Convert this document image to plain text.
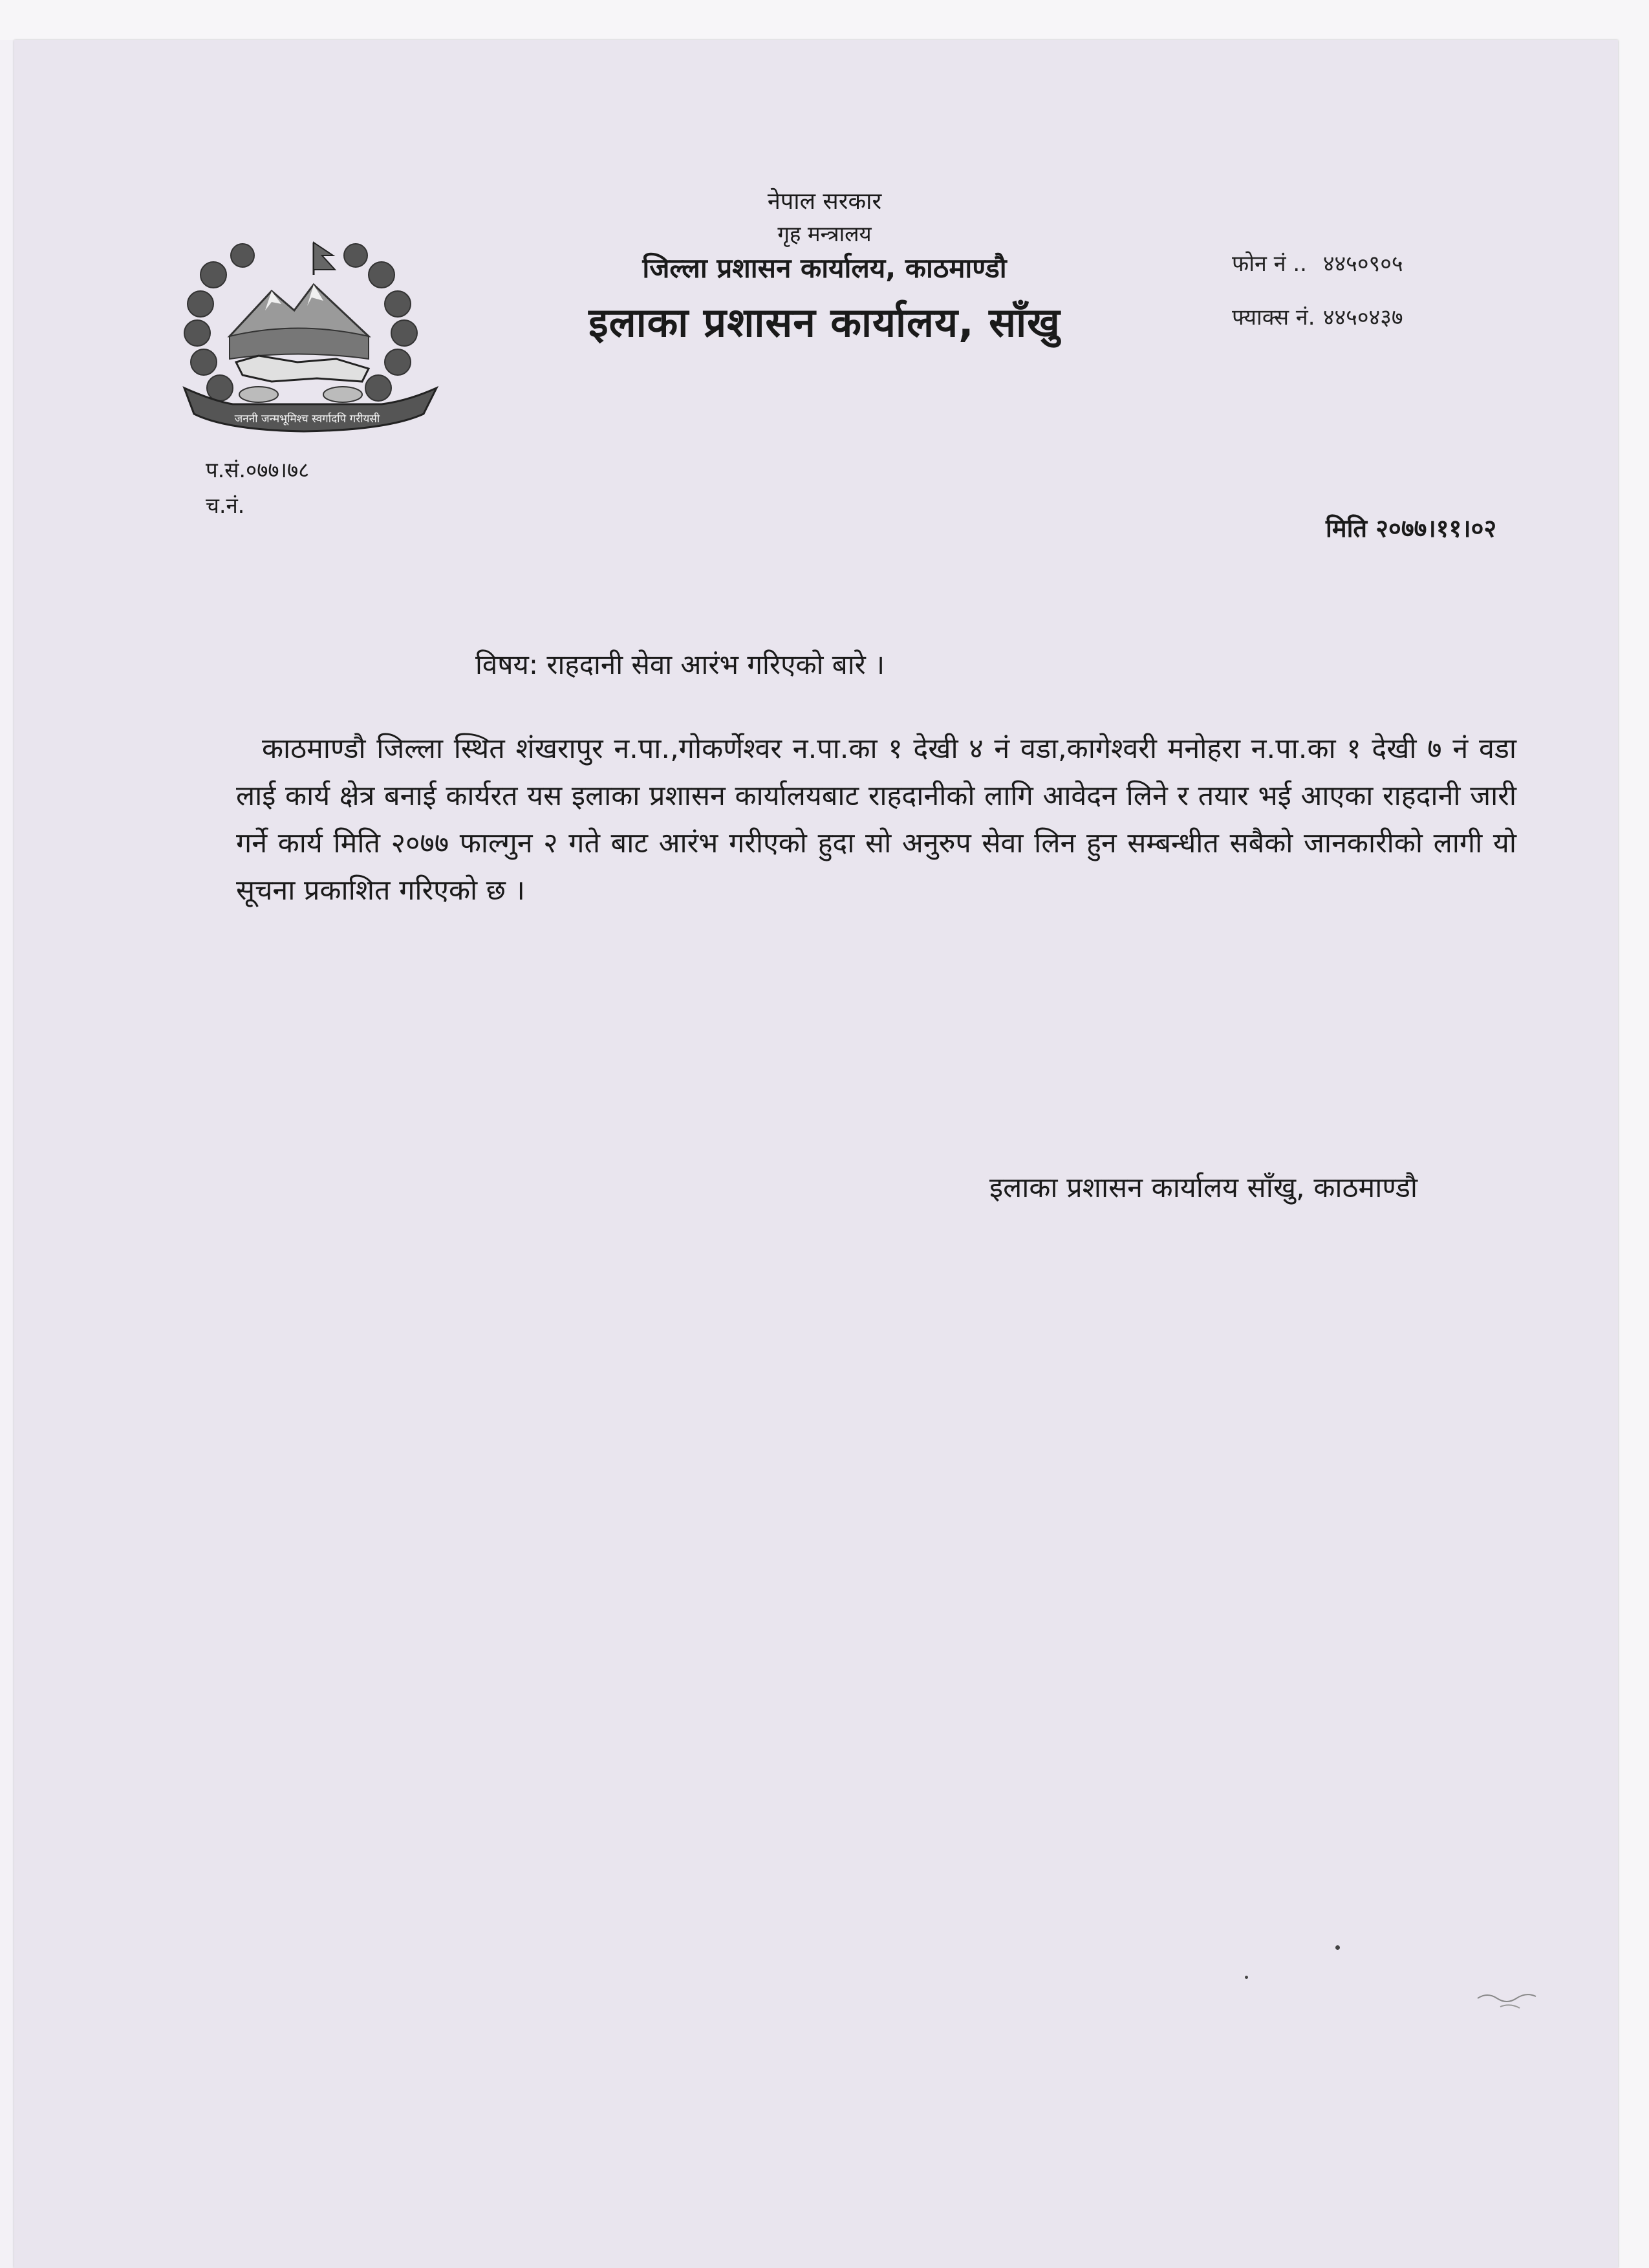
जननी जन्मभूमिश्च स्वर्गादपि गरीयसी
नेपाल सरकार
गृह मन्त्रालय
जिल्ला प्रशासन कार्यालय, काठमाण्डौ
इलाका प्रशासन कार्यालय, साँखु
फोन नं .. ४४५०९०५
फ्याक्स नं. ४४५०४३७
प.सं.०७७।७८
च.नं.
मिति २०७७।११।०२
विषय: राहदानी सेवा आरंभ गरिएको बारे ।
काठमाण्डौ जिल्ला स्थित शंखरापुर न.पा.,गोकर्णेश्वर न.पा.का १ देखी ४ नं वडा,कागेश्वरी मनोहरा न.पा.का १ देखी ७ नं वडा लाई कार्य क्षेत्र बनाई कार्यरत यस इलाका प्रशासन कार्यालयबाट राहदानीको लागि आवेदन लिने र तयार भई आएका राहदानी जारी गर्ने कार्य मिति २०७७ फाल्गुन २ गते बाट आरंभ गरीएको हुदा सो अनुरुप सेवा लिन हुन सम्बन्धीत सबैको जानकारीको लागी यो सूचना प्रकाशित गरिएको छ ।
इलाका प्रशासन कार्यालय साँखु, काठमाण्डौ
